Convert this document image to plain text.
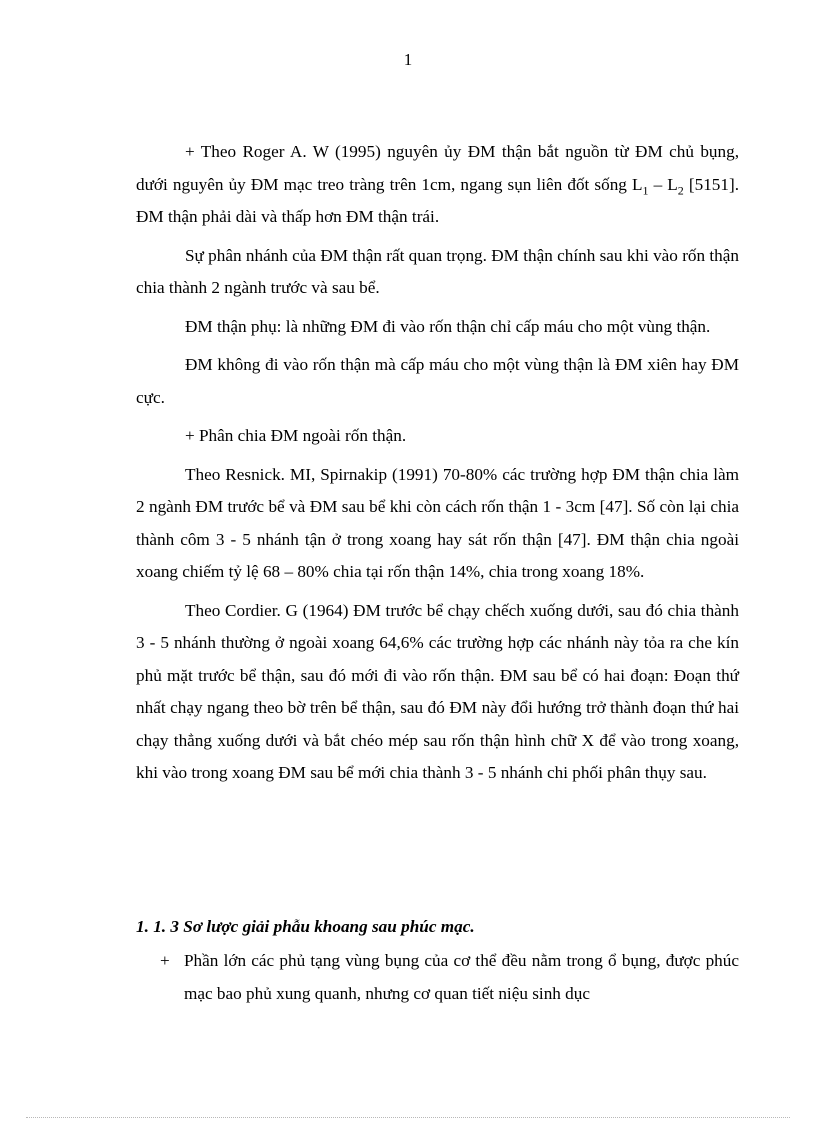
1

+ Theo Roger A. W (1995) nguyên ủy ĐM thận bắt nguồn từ ĐM chủ bụng, dưới nguyên ủy ĐM mạc treo tràng trên 1cm, ngang sụn liên đốt sống $L_1 - L_2$ [5151]. ĐM thận phải dài và thấp hơn ĐM thận trái.

Sự phân nhánh của ĐM thận rất quan trọng. ĐM thận chính sau khi vào rốn thận chia thành 2 ngành trước và sau bể.

ĐM thận phụ: là những ĐM đi vào rốn thận chỉ cấp máu cho một vùng thận.

ĐM không đi vào rốn thận mà cấp máu cho một vùng thận là ĐM xiên hay ĐM cực.

+ Phân chia ĐM ngoài rốn thận.

Theo Resnick. MI, Spirnakip (1991) 70-80% các trường hợp ĐM thận chia làm 2 ngành ĐM trước bể và ĐM sau bể khi còn cách rốn thận 1 - 3cm [47]. Số còn lại chia thành côm 3 - 5 nhánh tận ở trong xoang hay sát rốn thận [47]. ĐM thận chia ngoài xoang chiếm tỷ lệ 68 – 80% chia tại rốn thận 14%, chia trong xoang 18%.

Theo Cordier. G (1964) ĐM trước bể chạy chếch xuống dưới, sau đó chia thành 3 - 5 nhánh thường ở ngoài xoang 64,6% các trường hợp các nhánh này tỏa ra che kín phủ mặt trước bể thận, sau đó mới đi vào rốn thận. ĐM sau bể có hai đoạn: Đoạn thứ nhất chạy ngang theo bờ trên bể thận, sau đó ĐM này đổi hướng trở thành đoạn thứ hai chạy thẳng xuống dưới và bắt chéo mép sau rốn thận hình chữ X để vào trong xoang, khi vào trong xoang ĐM sau bể mới chia thành 3 - 5 nhánh chi phối phân thụy sau.

1. 1. 3 Sơ lược giải phẫu khoang sau phúc mạc.
+ Phần lớn các phủ tạng vùng bụng của cơ thể đều nằm trong ổ bụng, được phúc mạc bao phủ xung quanh, nhưng cơ quan tiết niệu sinh dục
